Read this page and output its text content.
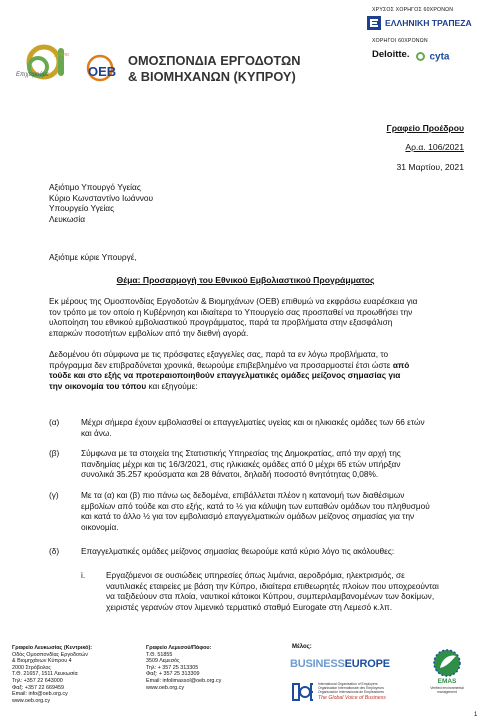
χρόνια
Επιχειρούμε	OEB
ΟΜΟΣΠΟΝΔΙΑ ΕΡΓΟΔΟΤΩΝ
& ΒΙΟΜΗΧΑΝΩΝ (ΚΥΠΡΟΥ)
ΧΡΥΣΟΣ ΧΟΡΗΓΟΣ 60ΧΡΟΝΩΝ
ΕΛΛΗΝΙΚΗ ΤΡΑΠΕΖΑ
ΧΟΡΗΓΟΙ 60ΧΡΟΝΩΝ
Deloitte.	cyta
Γραφείο Προέδρου
Αρ.α. 106/2021
31 Μαρτίου, 2021
Αξιότιμο Υπουργό Υγείας
Κύριο Κωνσταντίνο Ιωάννου
Υπουργείο Υγείας
Λευκωσία
Αξιότιμε κύριε Υπουργέ,
Θέμα: Προσαρμογή του Εθνικού Εμβολιαστικού Προγράμματος
Εκ μέρους της Ομοσπονδίας Εργοδοτών & Βιομηχάνων (ΟΕΒ) επιθυμώ να εκφράσω ευαρέσκεια για
τον τρόπο με τον οποίο η Κυβέρνηση και ιδιαίτερα το Υπουργείο σας προσπαθεί να προωθήσει την
υλοποίηση του εθνικού εμβολιαστικού προγράμματος, παρά τα προβλήματα στην εξασφάλιση
επαρκών ποσοτήτων εμβολίων από την διεθνή αγορά.
Δεδομένου ότι σύμφωνα με τις πρόσφατες εξαγγελίες σας, παρά τα εν λόγω προβλήματα, το
πρόγραμμα δεν επιβραδύνεται χρονικά, θεωρούμε επιβεβλημένο να προσαρμοστεί έτσι ώστε από
τούδε και στο εξής να προτεραιοποιηθούν επαγγελματικές ομάδες μείζονος σημασίας για
την οικονομία του τόπου και εξηγούμε:
(α)	Μέχρι σήμερα έχουν εμβολιασθεί οι επαγγελματίες υγείας και οι ηλικιακές ομάδες των 66 ετών
και άνω.
(β)	Σύμφωνα με τα στοιχεία της Στατιστικής Υπηρεσίας της Δημοκρατίας, από την αρχή της
πανδημίας μέχρι και τις 16/3/2021, στις ηλικιακές ομάδες από 0 μέχρι 65 ετών υπήρξαν
συνολικά 35.257 κρούσματα και 28 θάνατοι, δηλαδή ποσοστό θνητότητας 0,08%.
(γ)	Με τα (α) και (β) πιο πάνω ως δεδομένα, επιβάλλεται πλέον η κατανομή των διαθέσιμων
εμβολίων από τούδε και στο εξής, κατά το ½ για κάλυψη των ευπαθών ομάδων του πληθυσμού
και κατά το άλλο ½ για τον εμβολιασμό επαγγελματικών ομάδων μείζονος σημασίας για την
οικονομία.
(δ)	Επαγγελματικές ομάδες μείζονος σημασίας θεωρούμε κατά κύριο λόγο τις ακόλουθες:
i.	Εργαζόμενοι σε ουσιώδεις υπηρεσίες όπως λιμάνια, αεροδρόμια, ηλεκτρισμός, σε
ναυτιλιακές εταιρείες με βάση την Κύπρο, ιδιαίτερα επιθεωρητές πλοίων που υποχρεούνται
να ταξιδεύουν στα πλοία, ναυτικοί κάτοικοι Κύπρου, συμπεριλαμβανομένων των δοκίμων,
χειριστές γερανών στον λιμενικό τερματικό σταθμό Eurogate στη Λεμεσό κ.λπ.
Γραφείο Λευκωσίας (Κεντρικό):
Οδός Ομοσπονδίας Εργοδοτών
& Βιομηχάνων Κύπρου 4
2000 Στρόβολος
Τ.Θ. 21657, 1511 Λευκωσία
Τηλ: +357 22 643000
Φαξ: +357 22 669459
Email: info@oeb.org.cy
www.oeb.org.cy
Γραφείο Λεμεσού/Πάφου:
Τ.Θ. 51855
3509 Λεμεσός
Τηλ: + 357 25 313305
Φαξ: + 357 25 313309
Email: infolimassol@oeb.org.cy
www.oeb.org.cy
Μέλος:
BUSINESSEUROPE
International Organisation of Employers
Organisation Internationale des Employeurs
Organización Internacional de Empleadores
The Global Voice of Business
EMAS
Verified environmental management
1
